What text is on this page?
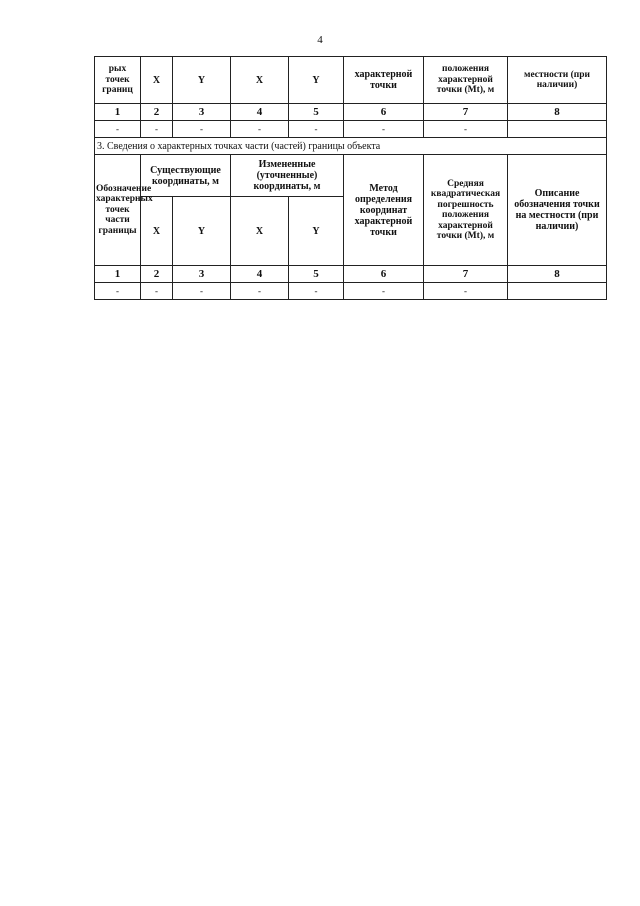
4
рых точек границ	X	Y	X	Y	характерной точки	положения характерной точки (Mt), м	местности (при наличии)
1	2	3	4	5	6	7	8
-	-	-	-	-	-	-	
3. Сведения о характерных точках части (частей) границы объекта							
Обозначение характерных точек части границы	Существующие координаты, м		Измененные (уточненные) координаты, м		Метод определения координат характерной точки	Средняя квадратическая погрешность положения характерной точки (Mt), м	Описание обозначения точки на местности (при наличии)
	X	Y	X	Y			
1	2	3	4	5	6	7	8
-	-	-	-	-	-	-	
